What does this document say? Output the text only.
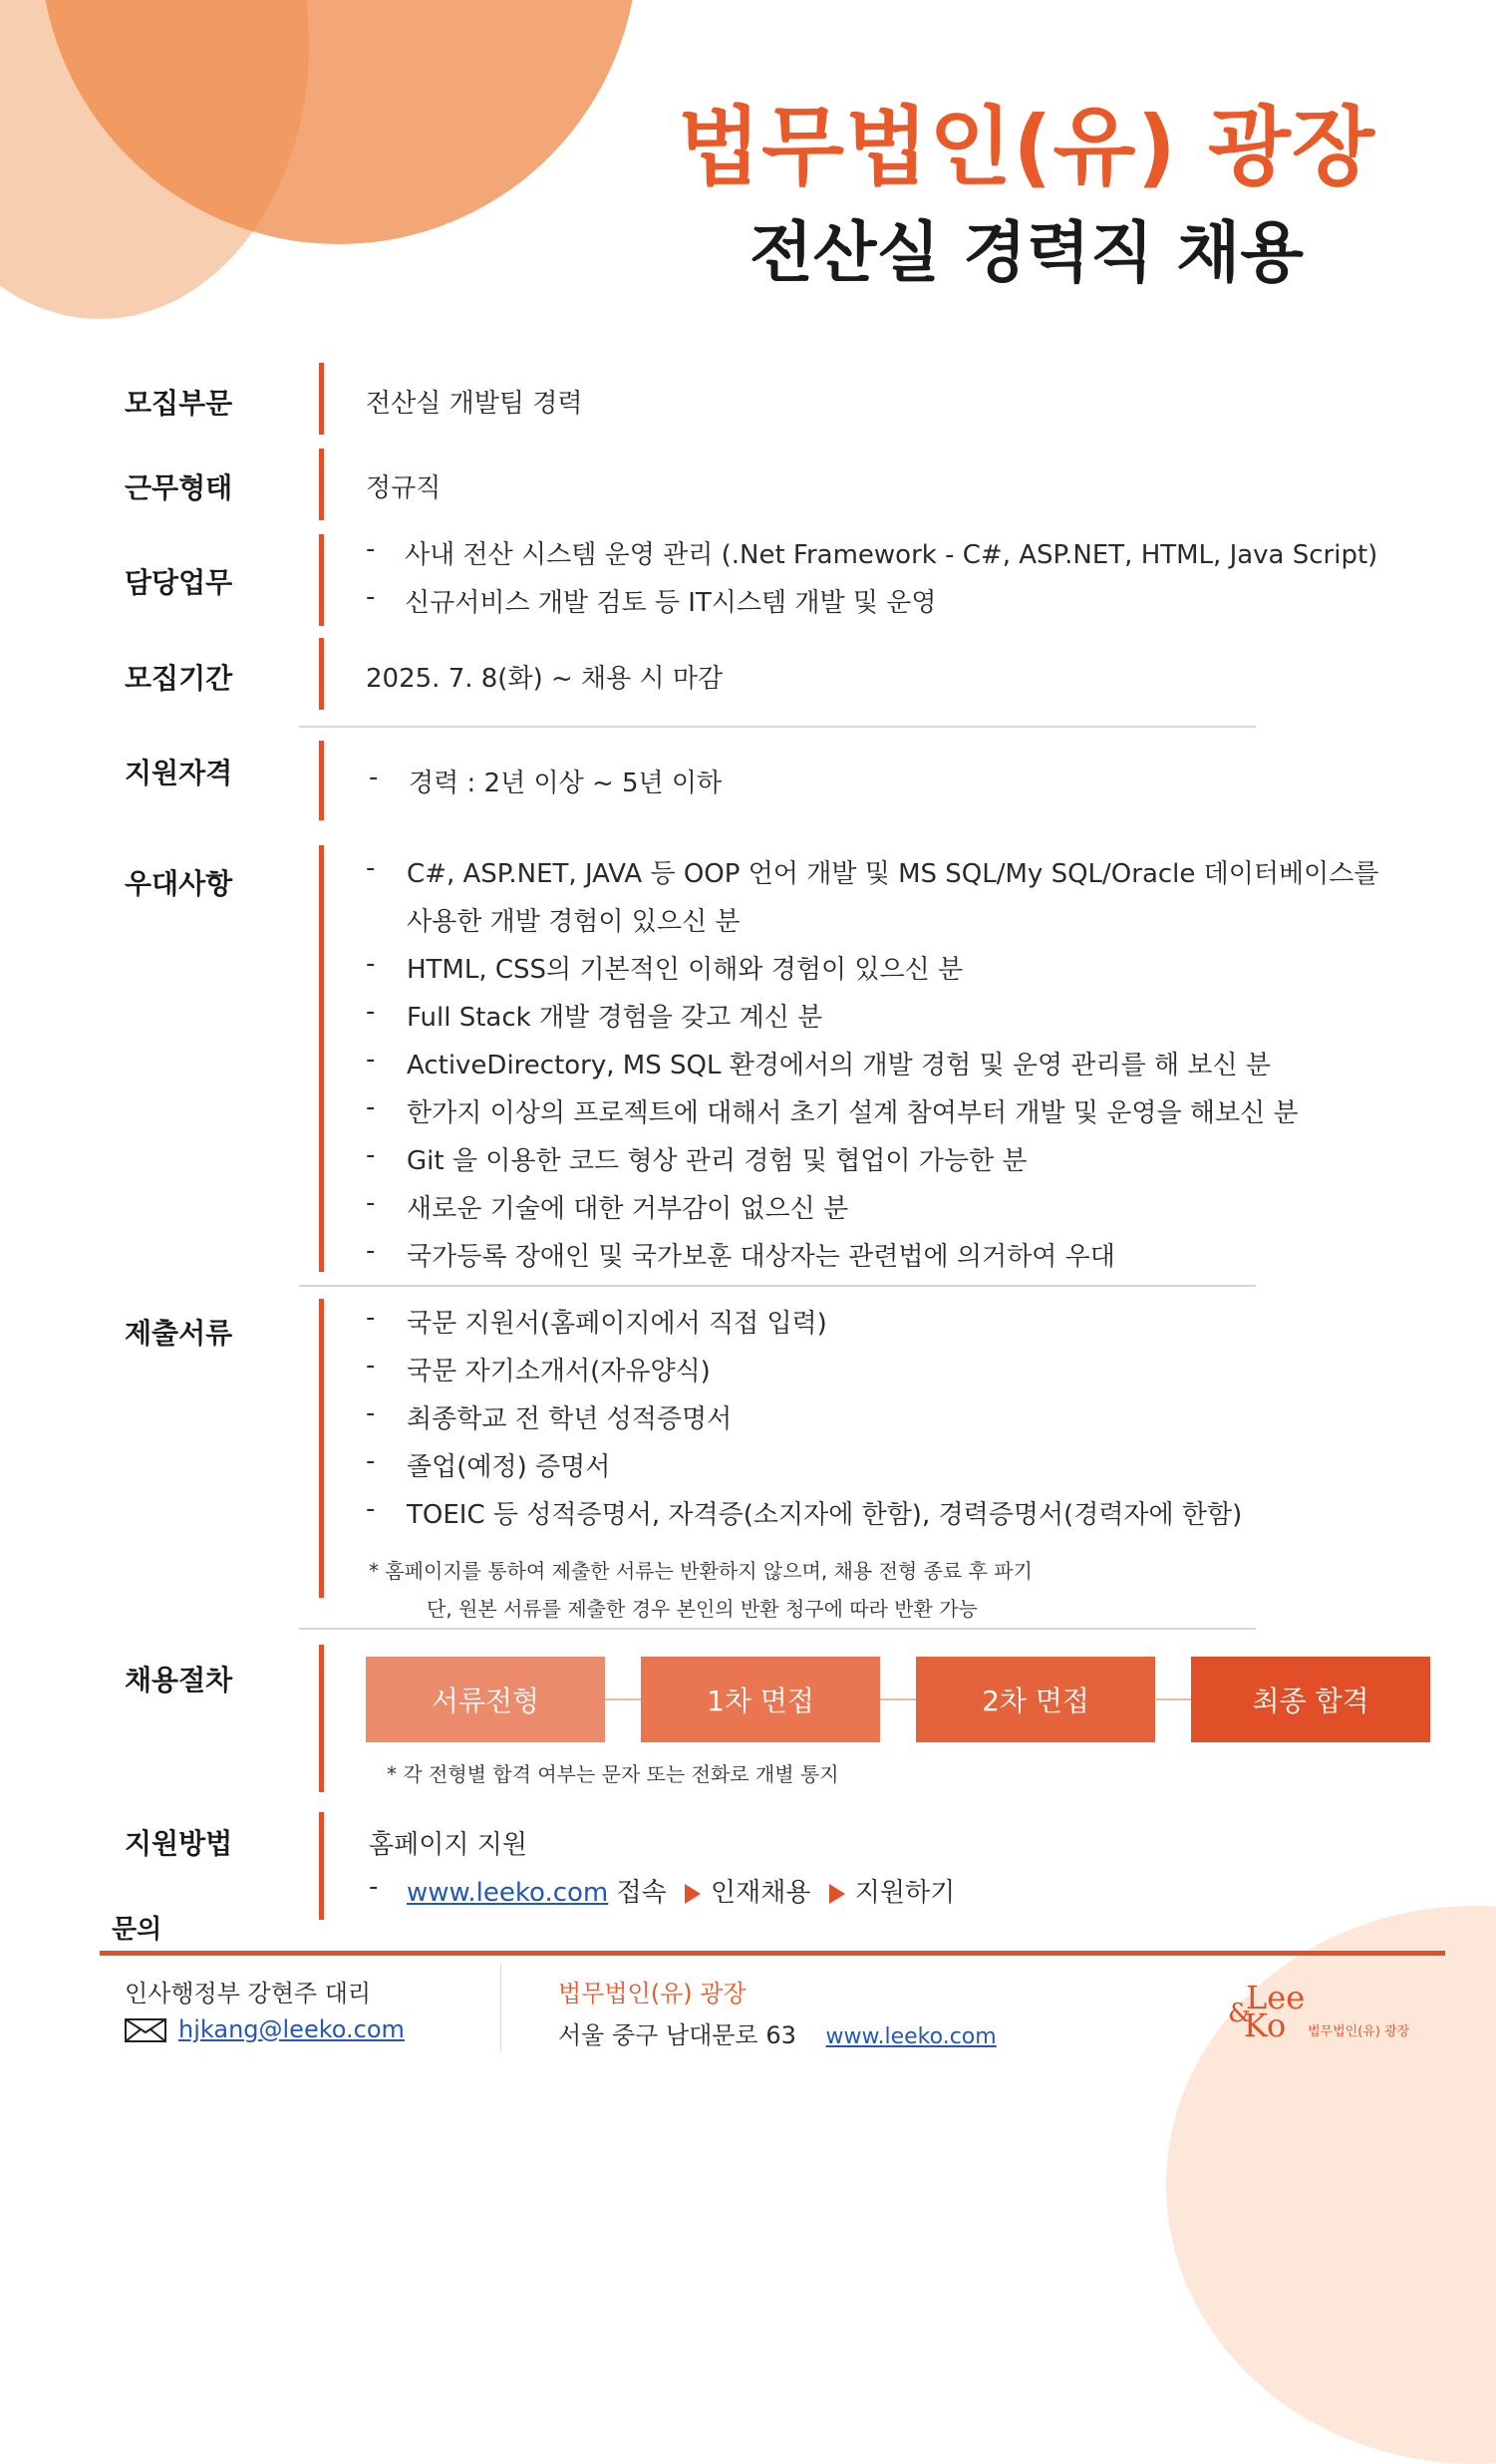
법무법인(유) 광장
전산실 경력직 채용
모집부문	전산실 개발팀 경력
근무형태	정규직
담당업무
- 사내 전산 시스템 운영 관리 (.Net Framework - C#, ASP.NET, HTML, Java Script)
- 신규서비스 개발 검토 등 IT시스템 개발 및 운영
모집기간	2025. 7. 8(화) ~ 채용 시 마감
지원자격	- 경력 : 2년 이상 ~ 5년 이하
우대사항	- C#, ASP.NET, JAVA 등 OOP 언어 개발 및 MS SQL/My SQL/Oracle 데이터베이스를
사용한 개발 경험이 있으신 분
- HTML, CSS의 기본적인 이해와 경험이 있으신 분
- Full Stack 개발 경험을 갖고 계신 분
- ActiveDirectory, MS SQL 환경에서의 개발 경험 및 운영 관리를 해 보신 분
- 한가지 이상의 프로젝트에 대해서 초기 설계 참여부터 개발 및 운영을 해보신 분
- Git 을 이용한 코드 형상 관리 경험 및 협업이 가능한 분
- 새로운 기술에 대한 거부감이 없으신 분
- 국가등록 장애인 및 국가보훈 대상자는 관련법에 의거하여 우대
제출서류	- 국문 지원서(홈페이지에서 직접 입력)
- 국문 자기소개서(자유양식)
- 최종학교 전 학년 성적증명서
- 졸업(예정) 증명서
- TOEIC 등 성적증명서, 자격증(소지자에 한함), 경력증명서(경력자에 한함)
* 홈페이지를 통하여 제출한 서류는 반환하지 않으며, 채용 전형 종료 후 파기
단, 원본 서류를 제출한 경우 본인의 반환 청구에 따라 반환 가능
채용절차
서류전형	1차 면접	2차 면접	최종 합격
* 각 전형별 합격 여부는 문자 또는 전화로 개별 통지
지원방법	홈페이지 지원
- www.leeko.com 접속 인재채용 지원하기
문의
인사행정부 강현주 대리
hjkang@leeko.com
법무법인(유) 광장
서울 중구 남대문로 63 www.leeko.com
Lee
&
Ko 법무법인(유) 광장
